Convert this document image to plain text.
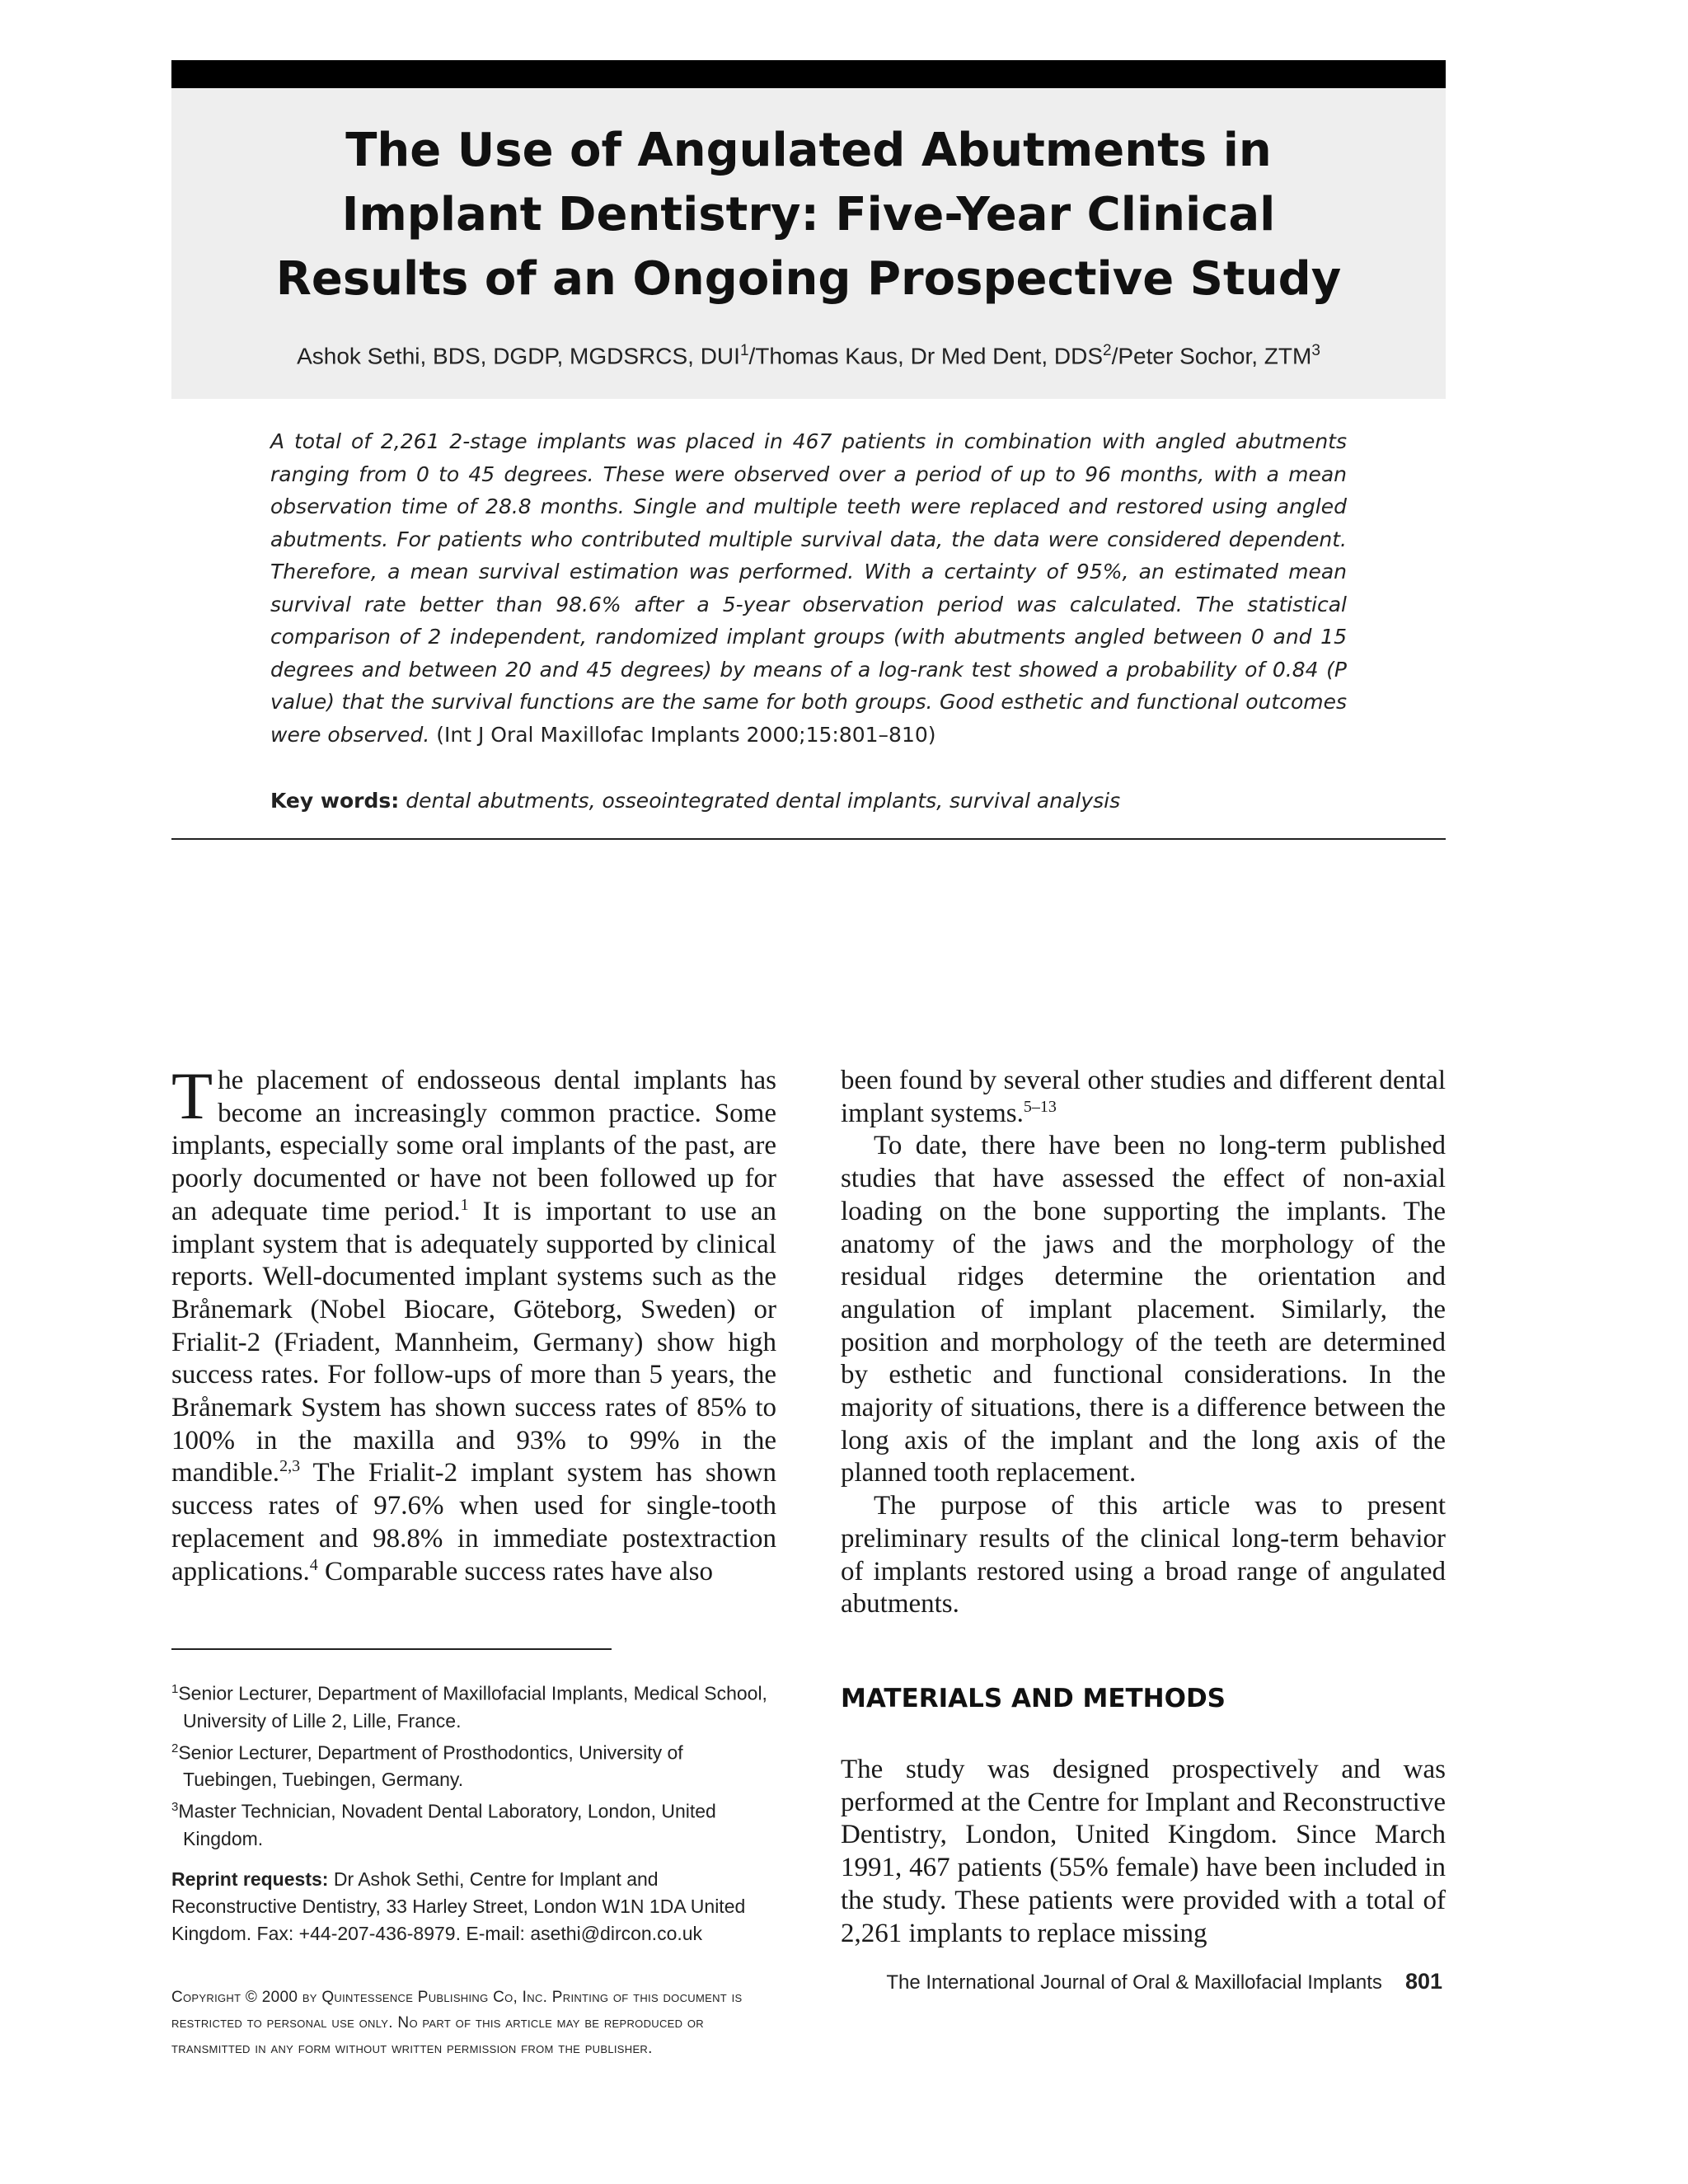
The Use of Angulated Abutments in
Implant Dentistry: Five-Year Clinical
Results of an Ongoing Prospective Study
Ashok Sethi, BDS, DGDP, MGDSRCS, DUI$^1$/Thomas Kaus, Dr Med Dent, DDS$^2$/Peter Sochor, ZTM$^3$

A total of 2,261 2-stage implants was placed in 467 patients in combination with angled abutments ranging from 0 to 45 degrees. These were observed over a period of up to 96 months, with a mean observation time of 28.8 months. Single and multiple teeth were replaced and restored using angled abutments. For patients who contributed multiple survival data, the data were considered dependent. Therefore, a mean survival estimation was performed. With a certainty of 95%, an estimated mean survival rate better than 98.6% after a 5-year observation period was calculated. The statistical comparison of 2 independent, randomized implant groups (with abutments angled between 0 and 15 degrees and between 20 and 45 degrees) by means of a log-rank test showed a probability of 0.84 (P value) that the survival functions are the same for both groups. Good esthetic and functional outcomes were observed. (Int J Oral Maxillofac Implants 2000;15:801–810)

Key words: dental abutments, osseointegrated dental implants, survival analysis

The placement of endosseous dental implants has become an increasingly common practice. Some implants, especially some oral implants of the past, are poorly documented or have not been followed up for an adequate time period.$^1$ It is important to use an implant system that is adequately supported by clinical reports. Well-documented implant systems such as the Brånemark (Nobel Biocare, Göteborg, Sweden) or Frialit-2 (Friadent, Mannheim, Germany) show high success rates. For follow-ups of more than 5 years, the Brånemark System has shown success rates of 85% to 100% in the maxilla and 93% to 99% in the mandible.$^{2,3}$ The Frialit-2 implant system has shown success rates of 97.6% when used for single-tooth replacement and 98.8% in immediate postextraction applications.$^4$ Comparable success rates have also

$^1$Senior Lecturer, Department of Maxillofacial Implants, Medical School, University of Lille 2, Lille, France.
$^2$Senior Lecturer, Department of Prosthodontics, University of Tuebingen, Tuebingen, Germany.
$^3$Master Technician, Novadent Dental Laboratory, London, United Kingdom.
Reprint requests: Dr Ashok Sethi, Centre for Implant and Reconstructive Dentistry, 33 Harley Street, London W1N 1DA United Kingdom. Fax: +44-207-436-8979. E-mail: asethi@dircon.co.uk
Copyright © 2000 by Quintessence Publishing Co, Inc. Printing of this document is restricted to personal use only. No part of this article may be reproduced or transmitted in any form without written permission from the publisher.

been found by several other studies and different dental implant systems.$^{5-13}$

To date, there have been no long-term published studies that have assessed the effect of non-axial loading on the bone supporting the implants. The anatomy of the jaws and the morphology of the residual ridges determine the orientation and angulation of implant placement. Similarly, the position and morphology of the teeth are determined by esthetic and functional considerations. In the majority of situations, there is a difference between the long axis of the implant and the long axis of the planned tooth replacement.

The purpose of this article was to present preliminary results of the clinical long-term behavior of implants restored using a broad range of angulated abutments.

MATERIALS AND METHODS

The study was designed prospectively and was performed at the Centre for Implant and Reconstructive Dentistry, London, United Kingdom. Since March 1991, 467 patients (55% female) have been included in the study. These patients were provided with a total of 2,261 implants to replace missing

The International Journal of Oral & Maxillofacial Implants 801
